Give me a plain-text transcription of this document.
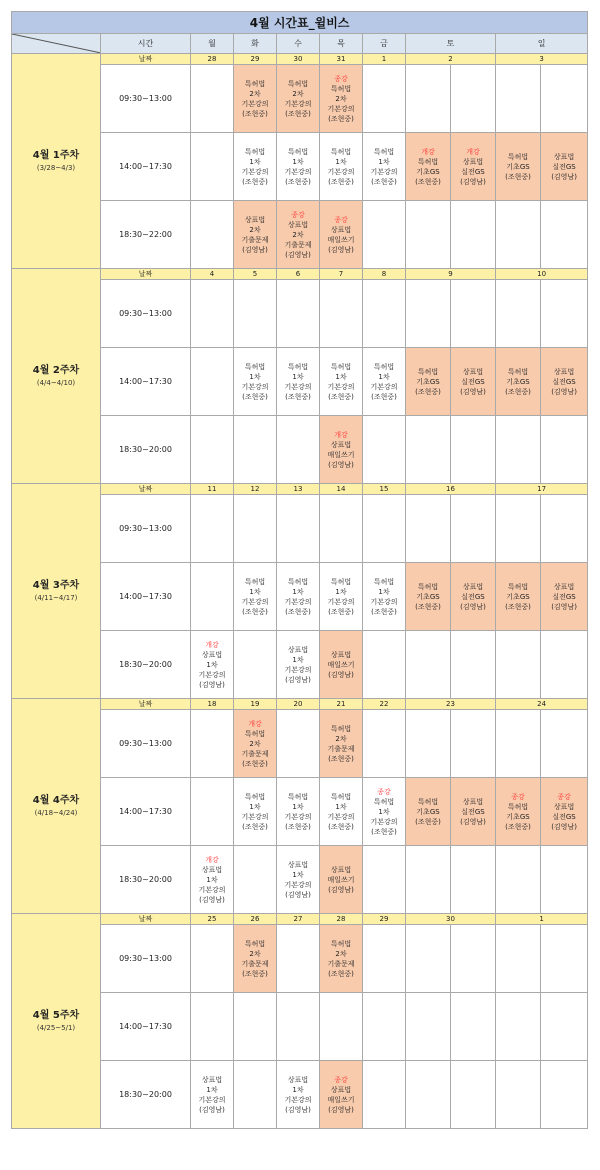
4월 시간표_윌비스										

	시간	월	화	수	목	금	토		일	

4월 1주차
(3/28~4/3)	날짜	28	29	30	31	1	2		3	
	09:30~13:00		특허법
2차
기본강의
(조현중)	특허법
2차
기본강의
(조현중)	종강
특허법
2차
기본강의
(조현중)					

	14:00~17:30		특허법
1차
기본강의
(조현중)	특허법
1차
기본강의
(조현중)	특허법
1차
기본강의
(조현중)	특허법
1차
기본강의
(조현중)	개강
특허법
기초GS
(조현중)	개강
상표법
실전GS
(김영남)	특허법
기초GS
(조현중)	상표법
실전GS
(김영남)

	18:30~22:00		상표법
2차
기출문제
(김영남)	종강
상표법
2차
기출문제
(김영남)	종강
상표법
매일쓰기
(김영남)					

4월 2주차
(4/4~4/10)	날짜	4	5	6	7	8	9		10	
	09:30~13:00									
	14:00~17:30		특허법
1차
기본강의
(조현중)	특허법
1차
기본강의
(조현중)	특허법
1차
기본강의
(조현중)	특허법
1차
기본강의
(조현중)	특허법
기초GS
(조현중)	상표법
실전GS
(김영남)	특허법
기초GS
(조현중)	상표법
실전GS
(김영남)

	18:30~20:00				개강
상표법
매일쓰기
(김영남)					

4월 3주차
(4/11~4/17)	날짜	11	12	13	14	15	16		17	
	09:30~13:00									
	14:00~17:30		특허법
1차
기본강의
(조현중)	특허법
1차
기본강의
(조현중)	특허법
1차
기본강의
(조현중)	특허법
1차
기본강의
(조현중)	특허법
기초GS
(조현중)	상표법
실전GS
(김영남)	특허법
기초GS
(조현중)	상표법
실전GS
(김영남)

	18:30~20:00	개강
상표법
1차
기본강의
(김영남)		상표법
1차
기본강의
(김영남)	상표법
매일쓰기
(김영남)					

4월 4주차
(4/18~4/24)	날짜	18	19	20	21	22	23		24	
	09:30~13:00		개강
특허법
2차
기출문제
(조현중)		특허법
2차
기출문제
(조현중)					

	14:00~17:30		특허법
1차
기본강의
(조현중)	특허법
1차
기본강의
(조현중)	특허법
1차
기본강의
(조현중)	종강
특허법
1차
기본강의
(조현중)	특허법
기초GS
(조현중)	상표법
실전GS
(김영남)	종강
특허법
기초GS
(조현중)	종강
상표법
실전GS
(김영남)

	18:30~20:00	개강
상표법
1차
기본강의
(김영남)		상표법
1차
기본강의
(김영남)	상표법
매일쓰기
(김영남)					

4월 5주차
(4/25~5/1)	날짜	25	26	27	28	29	30		1	
	09:30~13:00		특허법
2차
기출문제
(조현중)		특허법
2차
기출문제
(조현중)					

	14:00~17:30									
	18:30~20:00	상표법
1차
기본강의
(김영남)		상표법
1차
기본강의
(김영남)	종강
상표법
매일쓰기
(김영남)					
